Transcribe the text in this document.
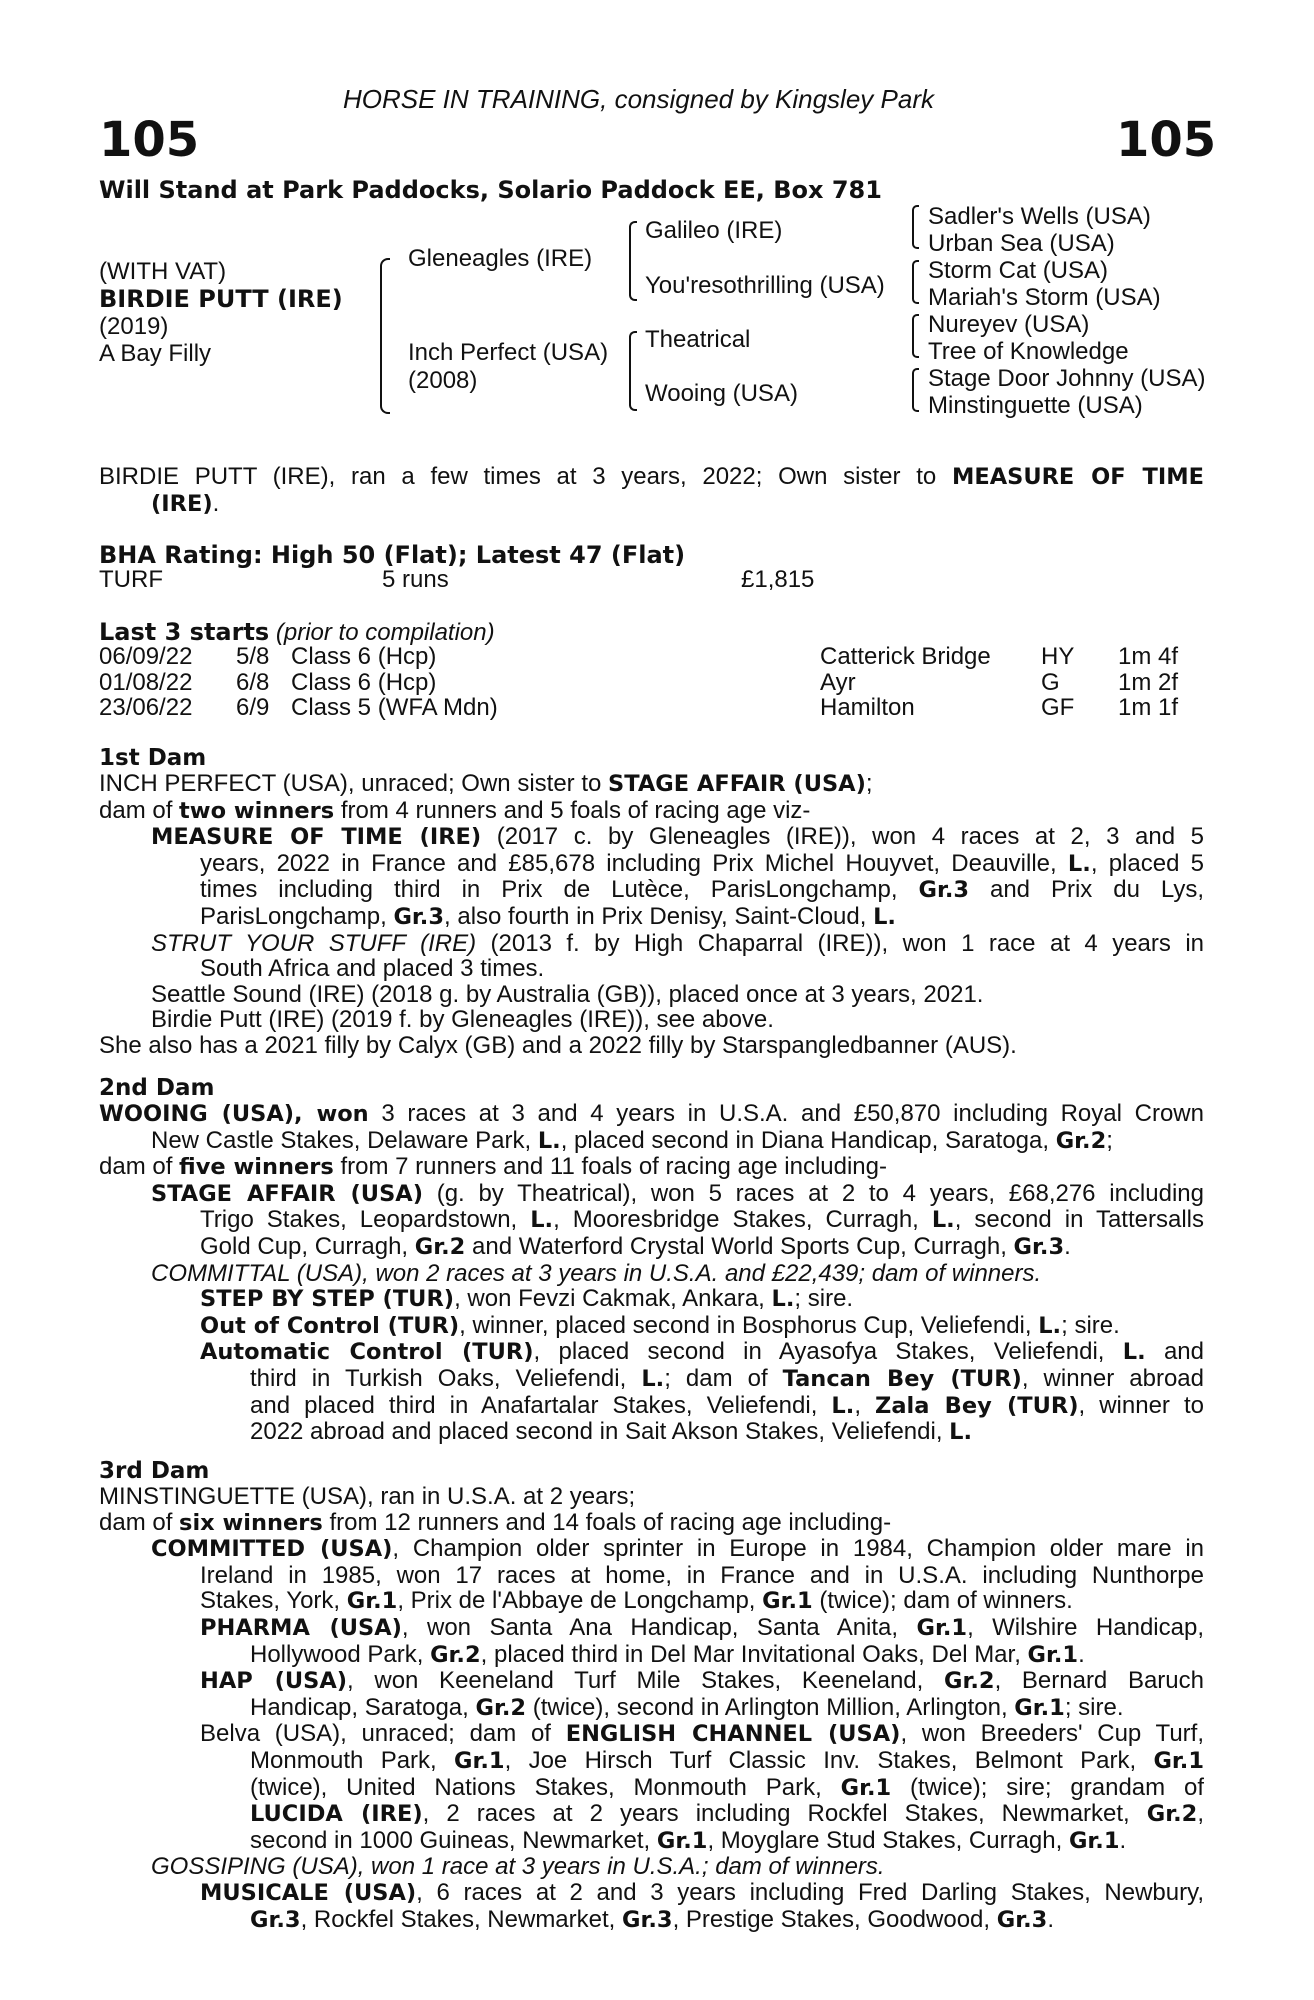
HORSE IN TRAINING, consigned by Kingsley Park
105	105
Will Stand at Park Paddocks, Solario Paddock EE, Box 781
(WITH VAT)
BIRDIE PUTT (IRE)
(2019)
A Bay Filly
Gleneagles (IRE)
Inch Perfect (USA)
(2008)
Galileo (IRE)
You'resothrilling (USA)
Theatrical
Wooing (USA)
Sadler's Wells (USA)
Urban Sea (USA)
Storm Cat (USA)
Mariah's Storm (USA)
Nureyev (USA)
Tree of Knowledge
Stage Door Johnny (USA)
Minstinguette (USA)
BIRDIE PUTT (IRE), ran a few times at 3 years, 2022; Own sister to MEASURE OF TIME
(IRE).
BHA Rating: High 50 (Flat); Latest 47 (Flat)
TURF	5 runs	£1,815
Last 3 starts (prior to compilation)
06/09/22 5/8 Class 6 (Hcp)	Catterick Bridge HY 1m 4f
01/08/22 6/8 Class 6 (Hcp)	Ayr	G 1m 2f
23/06/22 6/9 Class 5 (WFA Mdn)	Hamilton	GF 1m 1f
1st Dam
INCH PERFECT (USA), unraced; Own sister to STAGE AFFAIR (USA);
dam of two winners from 4 runners and 5 foals of racing age viz-
MEASURE OF TIME (IRE) (2017 c. by Gleneagles (IRE)), won 4 races at 2, 3 and 5
years, 2022 in France and £85,678 including Prix Michel Houyvet, Deauville, L., placed 5
times including third in Prix de Lutèce, ParisLongchamp, Gr.3 and Prix du Lys,
ParisLongchamp, Gr.3, also fourth in Prix Denisy, Saint-Cloud, L.
STRUT YOUR STUFF (IRE) (2013 f. by High Chaparral (IRE)), won 1 race at 4 years in
South Africa and placed 3 times.
Seattle Sound (IRE) (2018 g. by Australia (GB)), placed once at 3 years, 2021.
Birdie Putt (IRE) (2019 f. by Gleneagles (IRE)), see above.
She also has a 2021 filly by Calyx (GB) and a 2022 filly by Starspangledbanner (AUS).
2nd Dam
WOOING (USA), won 3 races at 3 and 4 years in U.S.A. and £50,870 including Royal Crown
New Castle Stakes, Delaware Park, L., placed second in Diana Handicap, Saratoga, Gr.2;
dam of five winners from 7 runners and 11 foals of racing age including-
STAGE AFFAIR (USA) (g. by Theatrical), won 5 races at 2 to 4 years, £68,276 including
Trigo Stakes, Leopardstown, L., Mooresbridge Stakes, Curragh, L., second in Tattersalls
Gold Cup, Curragh, Gr.2 and Waterford Crystal World Sports Cup, Curragh, Gr.3.
COMMITTAL (USA), won 2 races at 3 years in U.S.A. and £22,439; dam of winners.
STEP BY STEP (TUR), won Fevzi Cakmak, Ankara, L.; sire.
Out of Control (TUR), winner, placed second in Bosphorus Cup, Veliefendi, L.; sire.
Automatic Control (TUR), placed second in Ayasofya Stakes, Veliefendi, L. and
third in Turkish Oaks, Veliefendi, L.; dam of Tancan Bey (TUR), winner abroad
and placed third in Anafartalar Stakes, Veliefendi, L., Zala Bey (TUR), winner to
2022 abroad and placed second in Sait Akson Stakes, Veliefendi, L.
3rd Dam
MINSTINGUETTE (USA), ran in U.S.A. at 2 years;
dam of six winners from 12 runners and 14 foals of racing age including-
COMMITTED (USA), Champion older sprinter in Europe in 1984, Champion older mare in
Ireland in 1985, won 17 races at home, in France and in U.S.A. including Nunthorpe
Stakes, York, Gr.1, Prix de l'Abbaye de Longchamp, Gr.1 (twice); dam of winners.
PHARMA (USA), won Santa Ana Handicap, Santa Anita, Gr.1, Wilshire Handicap,
Hollywood Park, Gr.2, placed third in Del Mar Invitational Oaks, Del Mar, Gr.1.
HAP (USA), won Keeneland Turf Mile Stakes, Keeneland, Gr.2, Bernard Baruch
Handicap, Saratoga, Gr.2 (twice), second in Arlington Million, Arlington, Gr.1; sire.
Belva (USA), unraced; dam of ENGLISH CHANNEL (USA), won Breeders' Cup Turf,
Monmouth Park, Gr.1, Joe Hirsch Turf Classic Inv. Stakes, Belmont Park, Gr.1
(twice), United Nations Stakes, Monmouth Park, Gr.1 (twice); sire; grandam of
LUCIDA (IRE), 2 races at 2 years including Rockfel Stakes, Newmarket, Gr.2,
second in 1000 Guineas, Newmarket, Gr.1, Moyglare Stud Stakes, Curragh, Gr.1.
GOSSIPING (USA), won 1 race at 3 years in U.S.A.; dam of winners.
MUSICALE (USA), 6 races at 2 and 3 years including Fred Darling Stakes, Newbury,
Gr.3, Rockfel Stakes, Newmarket, Gr.3, Prestige Stakes, Goodwood, Gr.3.
